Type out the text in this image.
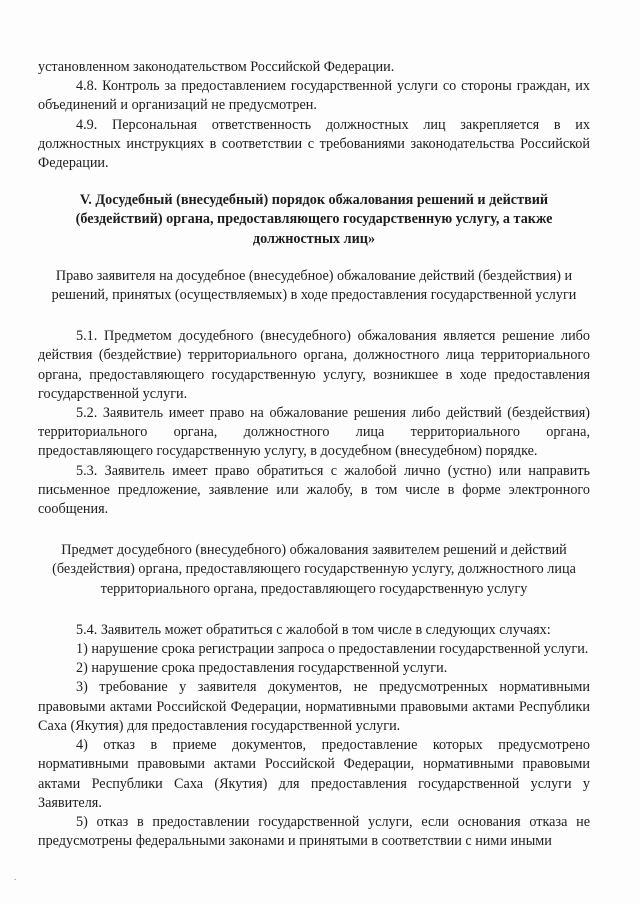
установленном законодательством Российской Федерации.

4.8. Контроль за предоставлением государственной услуги со стороны граждан, их объединений и организаций не предусмотрен.

4.9. Персональная ответственность должностных лиц закрепляется в их должностных инструкциях в соответствии с требованиями законодательства Российской Федерации.

V. Досудебный (внесудебный) порядок обжалования решений и действий (бездействий) органа, предоставляющего государственную услугу, а также должностных лиц»

Право заявителя на досудебное (внесудебное) обжалование действий (бездействия) и решений, принятых (осуществляемых) в ходе предоставления государственной услуги

5.1. Предметом досудебного (внесудебного) обжалования является решение либо действия (бездействие) территориального органа, должностного лица территориального органа, предоставляющего государственную услугу, возникшее в ходе предоставления государственной услуги.

5.2. Заявитель имеет право на обжалование решения либо действий (бездействия) территориального органа, должностного лица территориального органа, предоставляющего государственную услугу, в досудебном (внесудебном) порядке.

5.3. Заявитель имеет право обратиться с жалобой лично (устно) или направить письменное предложение, заявление или жалобу, в том числе в форме электронного сообщения.

Предмет досудебного (внесудебного) обжалования заявителем решений и действий (бездействия) органа, предоставляющего государственную услугу, должностного лица территориального органа, предоставляющего государственную услугу

5.4. Заявитель может обратиться с жалобой в том числе в следующих случаях:

1) нарушение срока регистрации запроса о предоставлении государственной услуги.

2) нарушение срока предоставления государственной услуги.

3) требование у заявителя документов, не предусмотренных нормативными правовыми актами Российской Федерации, нормативными правовыми актами Республики Саха (Якутия) для предоставления государственной услуги.

4) отказ в приеме документов, предоставление которых предусмотрено нормативными правовыми актами Российской Федерации, нормативными правовыми актами Республики Саха (Якутия) для предоставления государственной услуги у Заявителя.

5) отказ в предоставлении государственной услуги, если основания отказа не предусмотрены федеральными законами и принятыми в соответствии с ними иными

.
